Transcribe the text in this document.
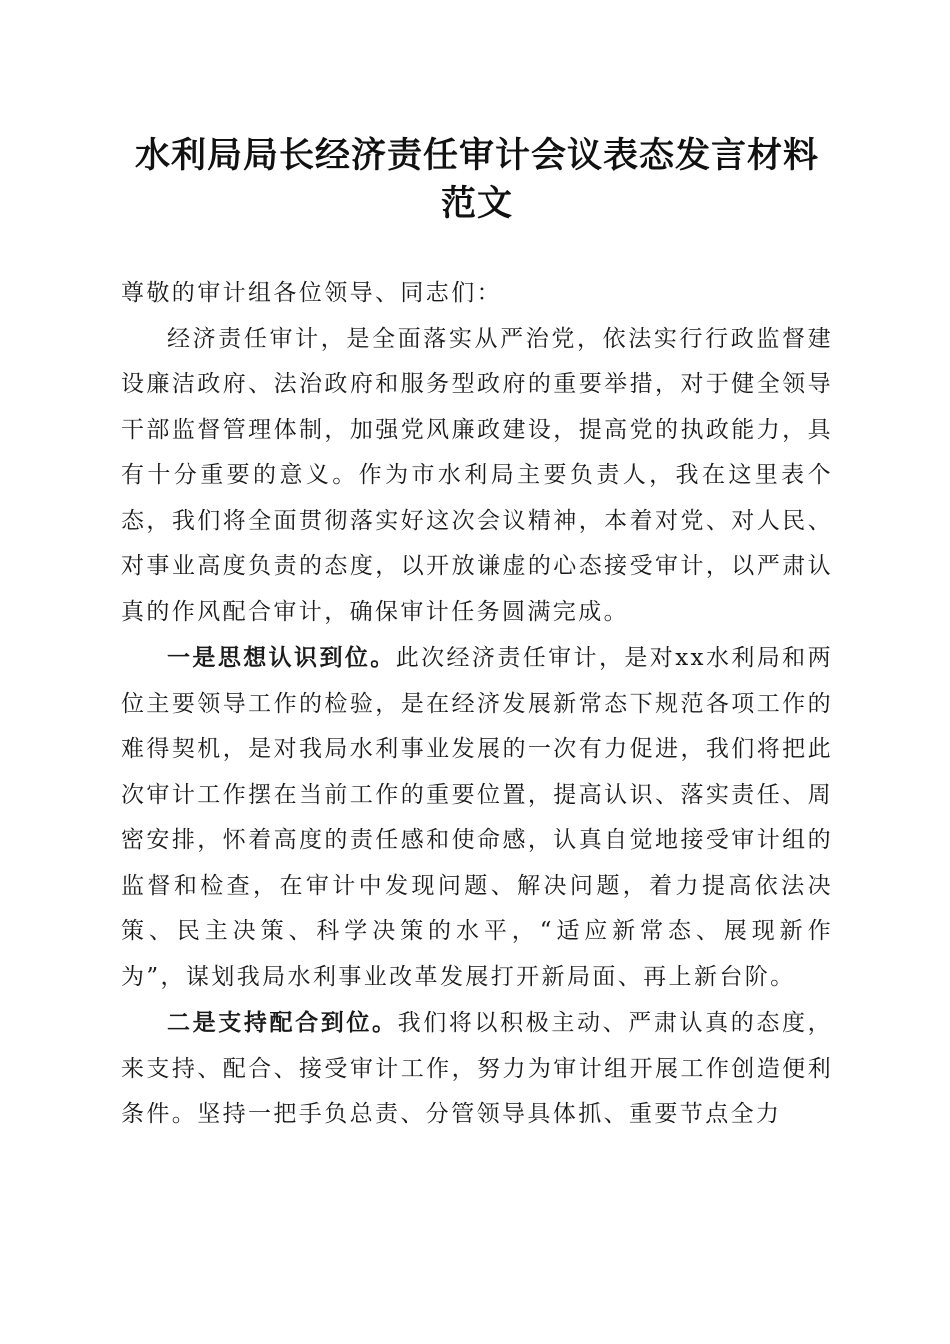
水利局局长经济责任审计会议表态发言材料范文

尊敬的审计组各位领导、同志们：

经济责任审计，是全面落实从严治党，依法实行行政监督建设廉洁政府、法治政府和服务型政府的重要举措，对于健全领导干部监督管理体制，加强党风廉政建设，提高党的执政能力，具有十分重要的意义。作为市水利局主要负责人，我在这里表个态，我们将全面贯彻落实好这次会议精神，本着对党、对人民、对事业高度负责的态度，以开放谦虚的心态接受审计，以严肃认真的作风配合审计，确保审计任务圆满完成。

一是思想认识到位。此次经济责任审计，是对xx水利局和两位主要领导工作的检验，是在经济发展新常态下规范各项工作的难得契机，是对我局水利事业发展的一次有力促进，我们将把此次审计工作摆在当前工作的重要位置，提高认识、落实责任、周密安排，怀着高度的责任感和使命感，认真自觉地接受审计组的监督和检查，在审计中发现问题、解决问题，着力提高依法决策、民主决策、科学决策的水平，“适应新常态、展现新作为”，谋划我局水利事业改革发展打开新局面、再上新台阶。

二是支持配合到位。我们将以积极主动、严肃认真的态度，来支持、配合、接受审计工作，努力为审计组开展工作创造便利条件。坚持一把手负总责、分管领导具体抓、重要节点全力
